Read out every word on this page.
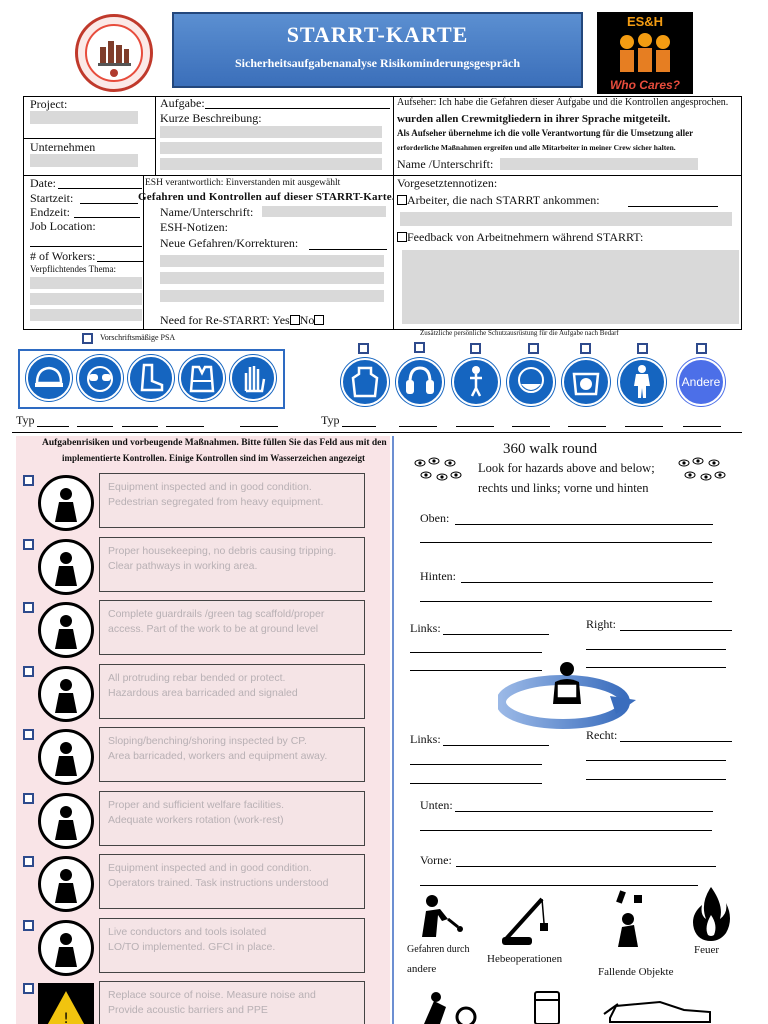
STARRT-KARTE
Sicherheitsaufgabenanalyse Risikominderungsgespräch
ES&H
Who Cares?
Project:
Unternehmen
Date:
Startzeit:
Endzeit:
Job Location:
# of Workers:
Verpflichtendes Thema:
Aufgabe:
Kurze Beschreibung:
ESH verantwortlich: Einverstanden mit ausgewählt
Gefahren und Kontrollen auf dieser STARRT-Karte.
Name/Unterschrift:
ESH-Notizen:
Neue Gefahren/Korrekturen:
Need for Re-STARRT: Yes No
Aufseher: Ich habe die Gefahren dieser Aufgabe und die Kontrollen angesprochen.
wurden allen Crewmitgliedern in ihrer Sprache mitgeteilt.
Als Aufseher übernehme ich die volle Verantwortung für die Umsetzung aller
erforderliche Maßnahmen ergreifen und alle Mitarbeiter in meiner Crew sicher halten.
Name /Unterschrift:
Vorgesetztennotizen:
Arbeiter, die nach STARRT ankommen:
Feedback von Arbeitnehmern während STARRT:
Vorschriftsmäßige PSA	Zusätzliche persönliche Schutzausrüstung für die Aufgabe nach Bedarf
Andere
Typ	Typ
Aufgabenrisiken und vorbeugende Maßnahmen. Bitte füllen Sie das Feld aus mit den
implementierte Kontrollen. Einige Kontrollen sind im Wasserzeichen angezeigt
Equipment inspected and in good condition.
Pedestrian segregated from heavy equipment.
Proper housekeeping, no debris causing tripping.
Clear pathways in working area.
Complete guardrails /green tag scaffold/proper
access. Part of the work to be at ground level
All protruding rebar bended or protect.
Hazardous area barricaded and signaled
Sloping/benching/shoring inspected by CP.
Area barricaded, workers and equipment away.
Proper and sufficient welfare facilities.
Adequate workers rotation (work-rest)
Equipment inspected and in good condition.
Operators trained. Task instructions understood
Live conductors and tools isolated
LO/TO implemented. GFCI in place.
!
Replace source of noise. Measure noise and
Provide acoustic barriers and PPE
360 walk round
Look for hazards above and below;
rechts und links; vorne und hinten
Oben:
Hinten:
Links:	Right:
Links:	Recht:
Unten:
Vorne:
Gefahren durch
andere
Hebeoperationen
Fallende Objekte
Feuer
